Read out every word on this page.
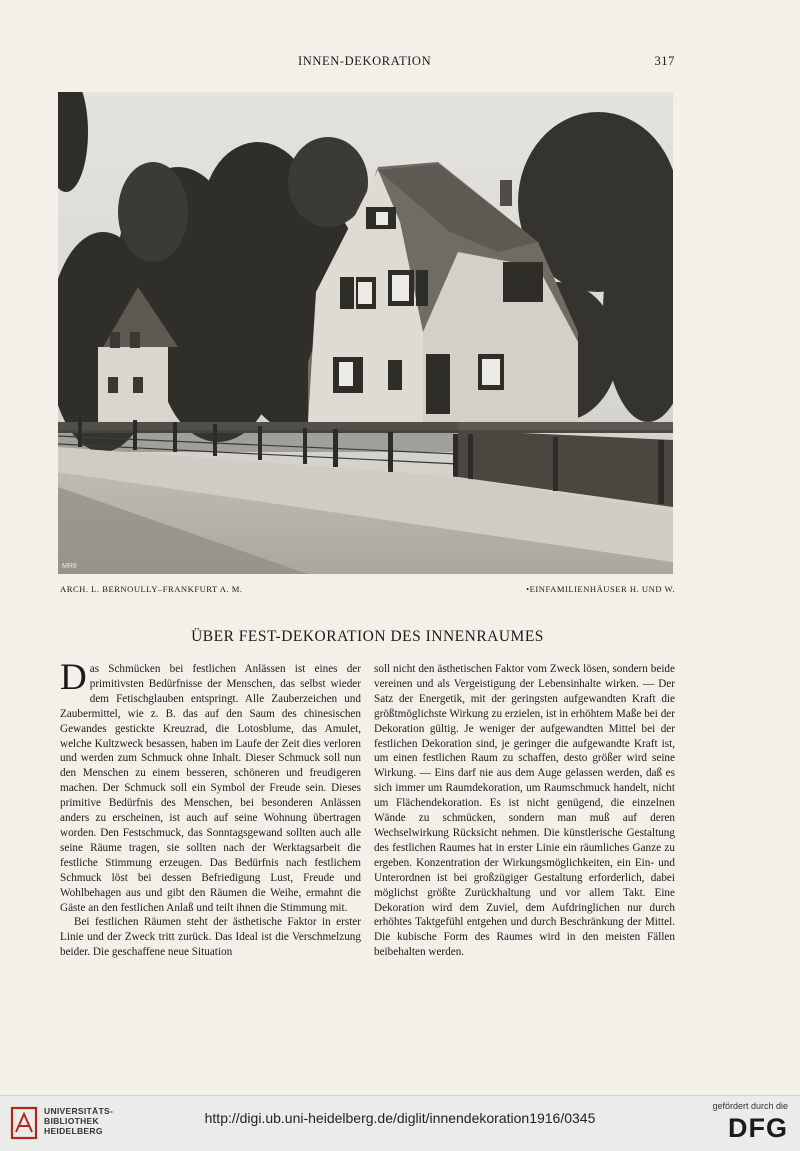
INNEN-DEKORATION	317
MR8
ARCH. L. BERNOULLY–FRANKFURT A. M.	•EINFAMILIENHÄUSER H. UND W.
ÜBER FEST-DEKORATION DES INNENRAUMES

Das Schmücken bei festlichen Anlässen ist eines der primitivsten Bedürfnisse der Menschen, das selbst wieder dem Fetischglauben entspringt. Alle Zauberzeichen und Zaubermittel, wie z. B. das auf den Saum des chinesischen Gewandes gestickte Kreuzrad, die Lotosblume, das Amulet, welche Kultzweck besassen, haben im Laufe der Zeit dies verloren und werden zum Schmuck ohne Inhalt. Dieser Schmuck soll nun den Menschen zu einem besseren, schöneren und freudigeren machen. Der Schmuck soll ein Symbol der Freude sein. Dieses primitive Bedürfnis des Menschen, bei besonderen Anlässen anders zu erscheinen, ist auch auf seine Wohnung übertragen worden. Den Festschmuck, das Sonntagsgewand sollten auch alle seine Räume tragen, sie sollten nach der Werktagsarbeit die festliche Stimmung erzeugen. Das Bedürfnis nach festlichem Schmuck löst bei dessen Befriedigung Lust, Freude und Wohlbehagen aus und gibt den Räumen die Weihe, ermahnt die Gäste an den festlichen Anlaß und teilt ihnen die Stimmung mit.

Bei festlichen Räumen steht der ästhetische Faktor in erster Linie und der Zweck tritt zurück. Das Ideal ist die Verschmelzung beider. Die geschaffene neue Situation

soll nicht den ästhetischen Faktor vom Zweck lösen, sondern beide vereinen und als Vergeistigung der Lebensinhalte wirken. — Der Satz der Energetik, mit der geringsten aufgewandten Kraft die größtmöglichste Wirkung zu erzielen, ist in erhöhtem Maße bei der Dekoration gültig. Je weniger der aufgewandten Mittel bei der festlichen Dekoration sind, je geringer die aufgewandte Kraft ist, um einen festlichen Raum zu schaffen, desto größer wird seine Wirkung. — Eins darf nie aus dem Auge gelassen werden, daß es sich immer um Raumdekoration, um Raumschmuck handelt, nicht um Flächendekoration. Es ist nicht genügend, die einzelnen Wände zu schmücken, sondern man muß auf deren Wechselwirkung Rücksicht nehmen. Die künstlerische Gestaltung des festlichen Raumes hat in erster Linie ein räumliches Ganze zu ergeben. Konzentration der Wirkungsmöglichkeiten, ein Ein- und Unterordnen ist bei großzügiger Gestaltung erforderlich, dabei möglichst größte Zurückhaltung und vor allem Takt. Eine Dekoration wird dem Zuviel, dem Aufdringlichen nur durch erhöhtes Taktgefühl entgehen und durch Beschränkung der Mittel. Die kubische Form des Raumes wird in den meisten Fällen beibehalten werden.

UNIVERSITÄTS-
BIBLIOTHEK
HEIDELBERG
http://digi.ub.uni-heidelberg.de/diglit/innendekoration1916/0345
gefördert durch die
DFG
